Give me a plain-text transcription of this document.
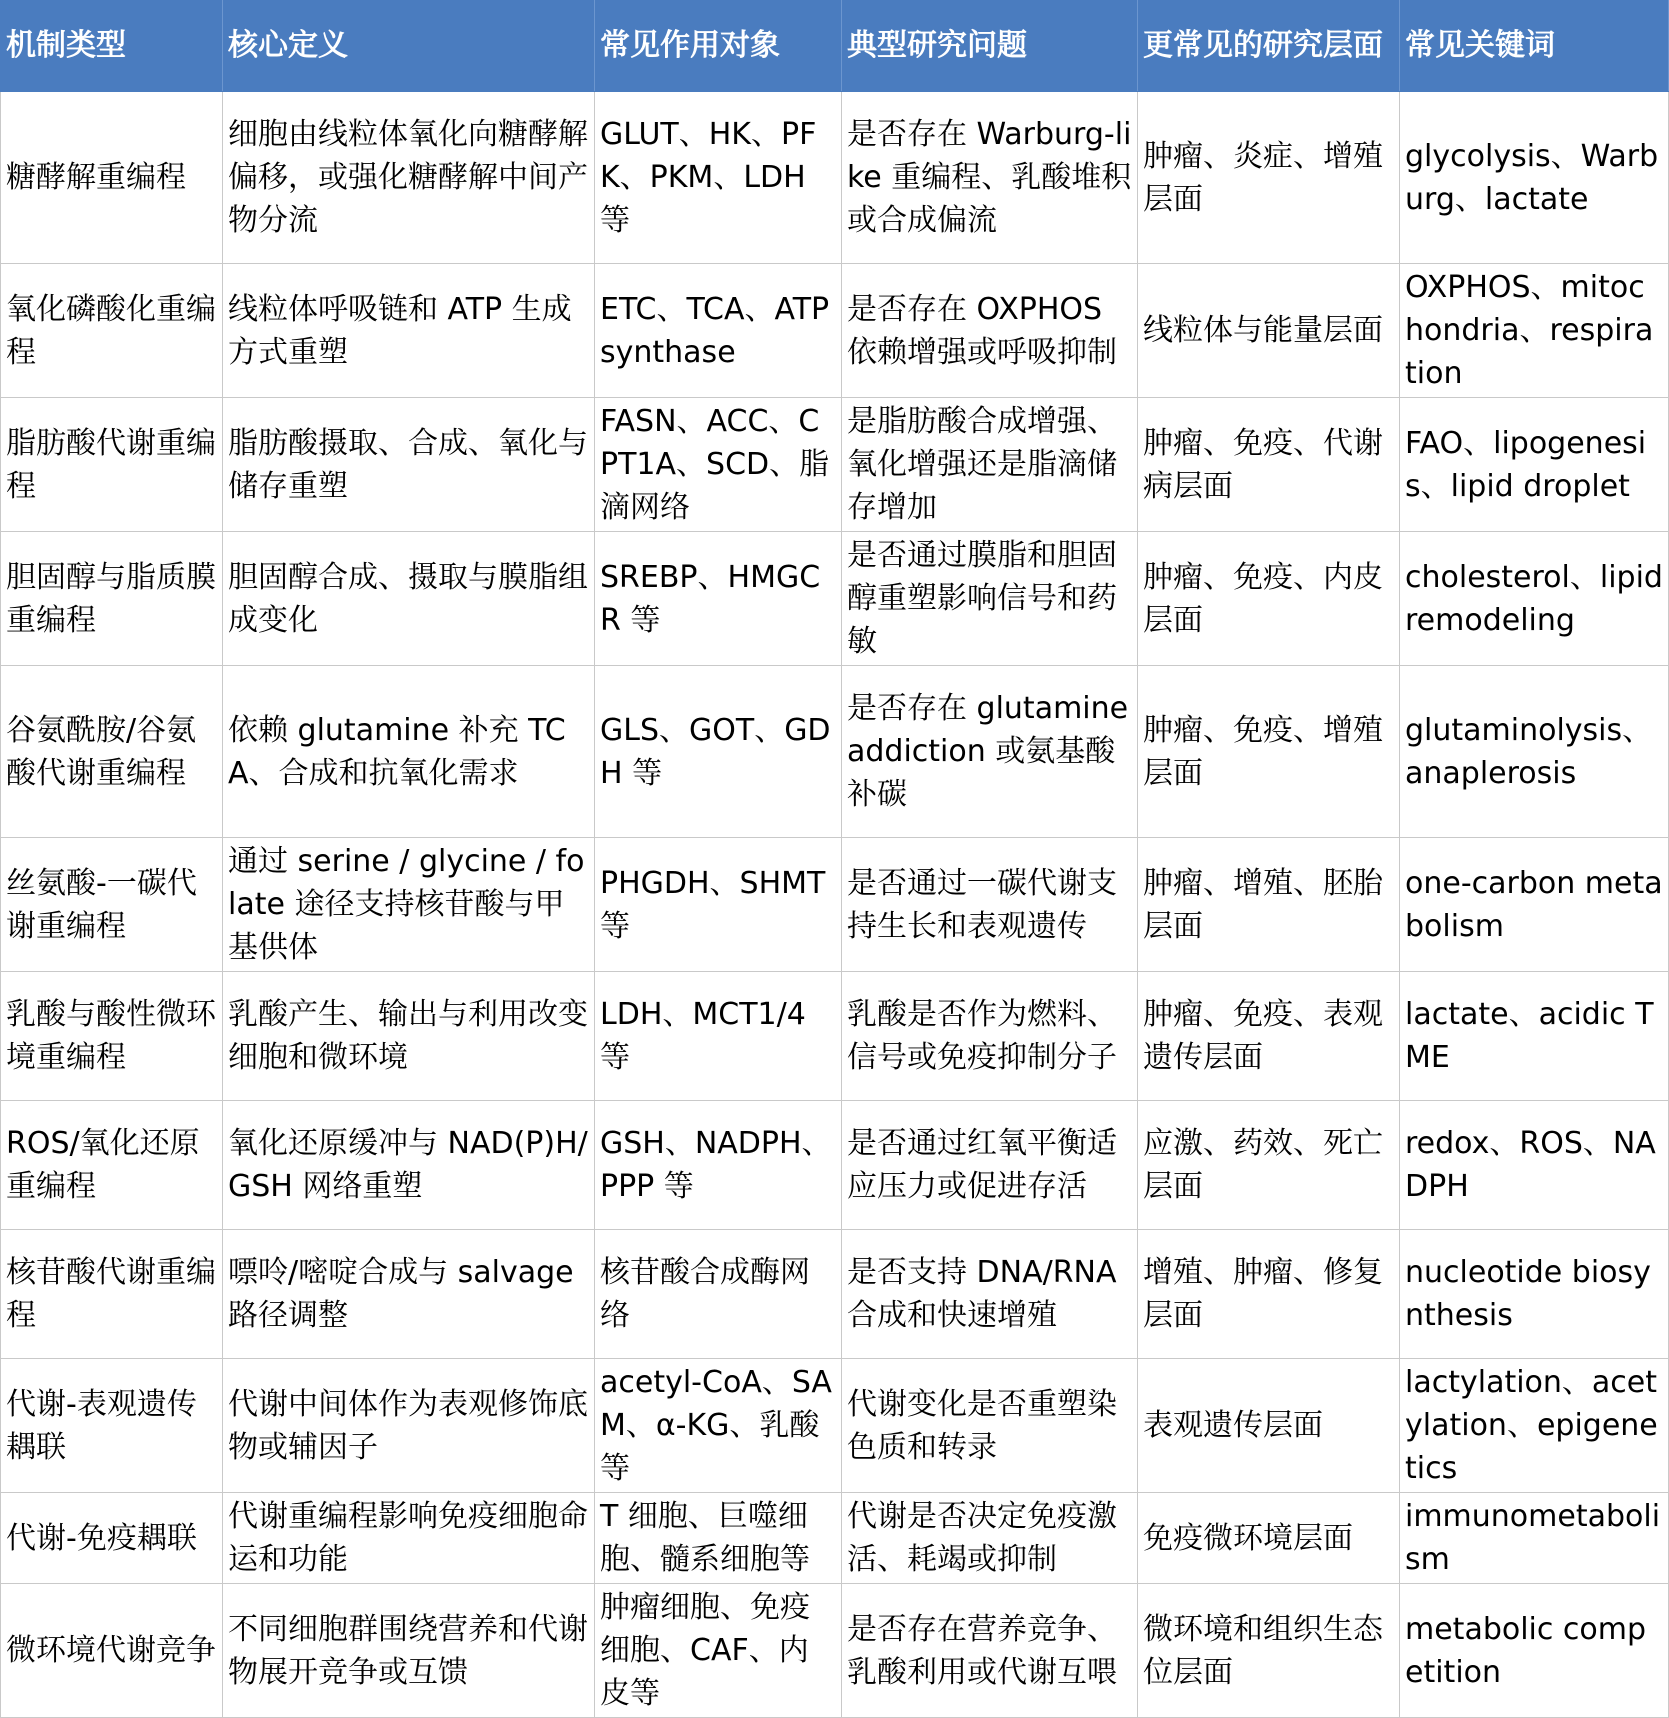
机制类型	核心定义	常见作用对象	典型研究问题	更常见的研究层面	常见关键词
糖酵解重编程	细胞由线粒体氧化向糖酵解偏移，或强化糖酵解中间产物分流	GLUT、HK、PFK、PKM、LDH 等	是否存在 Warburg-like 重编程、乳酸堆积或合成偏流	肿瘤、炎症、增殖层面	glycolysis、Warburg、lactate
氧化磷酸化重编程	线粒体呼吸链和 ATP 生成方式重塑	ETC、TCA、ATP synthase	是否存在 OXPHOS 依赖增强或呼吸抑制	线粒体与能量层面	OXPHOS、mitochondria、respiration
脂肪酸代谢重编程	脂肪酸摄取、合成、氧化与储存重塑	FASN、ACC、CPT1A、SCD、脂滴网络	是脂肪酸合成增强、氧化增强还是脂滴储存增加	肿瘤、免疫、代谢病层面	FAO、lipogenesis、lipid droplet
胆固醇与脂质膜重编程	胆固醇合成、摄取与膜脂组成变化	SREBP、HMGCR 等	是否通过膜脂和胆固醇重塑影响信号和药敏	肿瘤、免疫、内皮层面	cholesterol、lipid remodeling
谷氨酰胺/谷氨酸代谢重编程	依赖 glutamine 补充 TCA、合成和抗氧化需求	GLS、GOT、GDH 等	是否存在 glutamine addiction 或氨基酸补碳	肿瘤、免疫、增殖层面	glutaminolysis、anaplerosis
丝氨酸-一碳代谢重编程	通过 serine / glycine / folate 途径支持核苷酸与甲基供体	PHGDH、SHMT 等	是否通过一碳代谢支持生长和表观遗传	肿瘤、增殖、胚胎层面	one-carbon metabolism
乳酸与酸性微环境重编程	乳酸产生、输出与利用改变细胞和微环境	LDH、MCT1/4 等	乳酸是否作为燃料、信号或免疫抑制分子	肿瘤、免疫、表观遗传层面	lactate、acidic TME
ROS/氧化还原重编程	氧化还原缓冲与 NAD(P)H/GSH 网络重塑	GSH、NADPH、PPP 等	是否通过红氧平衡适应压力或促进存活	应激、药效、死亡层面	redox、ROS、NADPH
核苷酸代谢重编程	嘌呤/嘧啶合成与 salvage 路径调整	核苷酸合成酶网络	是否支持 DNA/RNA 合成和快速增殖	增殖、肿瘤、修复层面	nucleotide biosynthesis
代谢-表观遗传耦联	代谢中间体作为表观修饰底物或辅因子	acetyl-CoA、SAM、α-KG、乳酸等	代谢变化是否重塑染色质和转录	表观遗传层面	lactylation、acetylation、epigenetics
代谢-免疫耦联	代谢重编程影响免疫细胞命运和功能	T 细胞、巨噬细胞、髓系细胞等	代谢是否决定免疫激活、耗竭或抑制	免疫微环境层面	immunometabolism
微环境代谢竞争	不同细胞群围绕营养和代谢物展开竞争或互馈	肿瘤细胞、免疫细胞、CAF、内皮等	是否存在营养竞争、乳酸利用或代谢互喂	微环境和组织生态位层面	metabolic competition
